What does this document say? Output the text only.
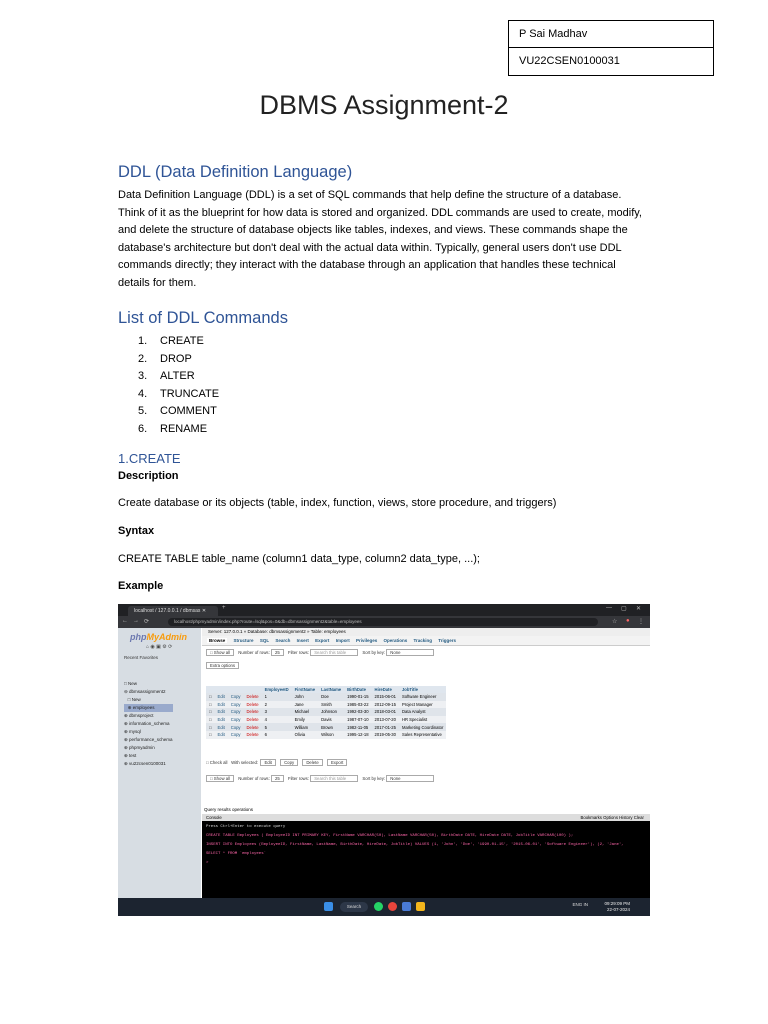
P Sai Madhav
VU22CSEN0100031
DBMS Assignment-2
DDL (Data Definition Language)
Data Definition Language (DDL) is a set of SQL commands that help define the structure of a database. Think of it as the blueprint for how data is stored and organized. DDL commands are used to create, modify, and delete the structure of database objects like tables, indexes, and views. These commands shape the database's architecture but don't deal with the actual data within. Typically, general users don't use DDL commands directly; they interact with the database through an application that handles these technical details for them.
List of DDL Commands
1. CREATE
2. DROP
3. ALTER
4. TRUNCATE
5. COMMENT
6. RENAME
1.CREATE
Description
Create database or its objects (table, index, function, views, store procedure, and triggers)
Syntax
CREATE TABLE table_name (column1 data_type, column2 data_type, ...);
Example
localhost / 127.0.0.1 / dbmsas ✕	+	— ▢ ✕
← → ⟳	localhost/phpmyadmin/index.php?route=/sql&pos=0&db=dbmsassignment2&table=employees	☆ ● ⋮
phpMyAdmin
⌂ ◉ ▣ ⚙ ⟳
Recent Favorites
□ New
⊖ dbmsassignment2
□ New
⊕ employees
⊕ dbmsproject
⊕ information_schema
⊕ mysql
⊕ performance_schema
⊕ phpmyadmin
⊕ test
⊕ vu22csen0100031
Server: 127.0.0.1 » Database: dbmsassignment2 » Table: employees
Browse Structure SQL Search Insert Export Import Privileges Operations Tracking Triggers
□ Show all Number of rows: 25 Filter rows: Search this table	Sort by key: None
Extra options
				EmployeeID	FirstName	LastName	BirthDate	HireDate	JobTitle
□	Edit	Copy	Delete	1	John	Doe	1990-01-15	2015-06-01	Software Engineer
□	Edit	Copy	Delete	2	Jane	Smith	1985-03-22	2012-09-15	Project Manager
□	Edit	Copy	Delete	3	Michael	Johnson	1992-03-30	2018-03-01	Data Analyst
□	Edit	Copy	Delete	4	Emily	Davis	1987-07-10	2013-07-20	HR Specialist
□	Edit	Copy	Delete	5	William	Brown	1982-11-05	2017-01-25	Marketing Coordinator
□	Edit	Copy	Delete	6	Olivia	Wilson	1995-12-18	2019-05-30	Sales Representative
□ Check all With selected: Edit	Copy	Delete	Export
□ Show all Number of rows: 25 Filter rows: Search this table	Sort by key: None
Query results operations
Console	Bookmarks Options History Clear
Press Ctrl+Enter to execute query
CREATE TABLE Employees ( EmployeeID INT PRIMARY KEY, FirstName VARCHAR(50), LastName VARCHAR(50), BirthDate DATE, HireDate DATE, JobTitle VARCHAR(100) );
INSERT INTO Employees (EmployeeID, FirstName, LastName, BirthDate, HireDate, JobTitle) VALUES (1, 'John', 'Doe', '1990-01-15', '2015-06-01', 'Software Engineer'), (2, 'Jane',
SELECT * FROM `employees`
>
Search	ENG IN	09:29:09 PM
22-07-2024
